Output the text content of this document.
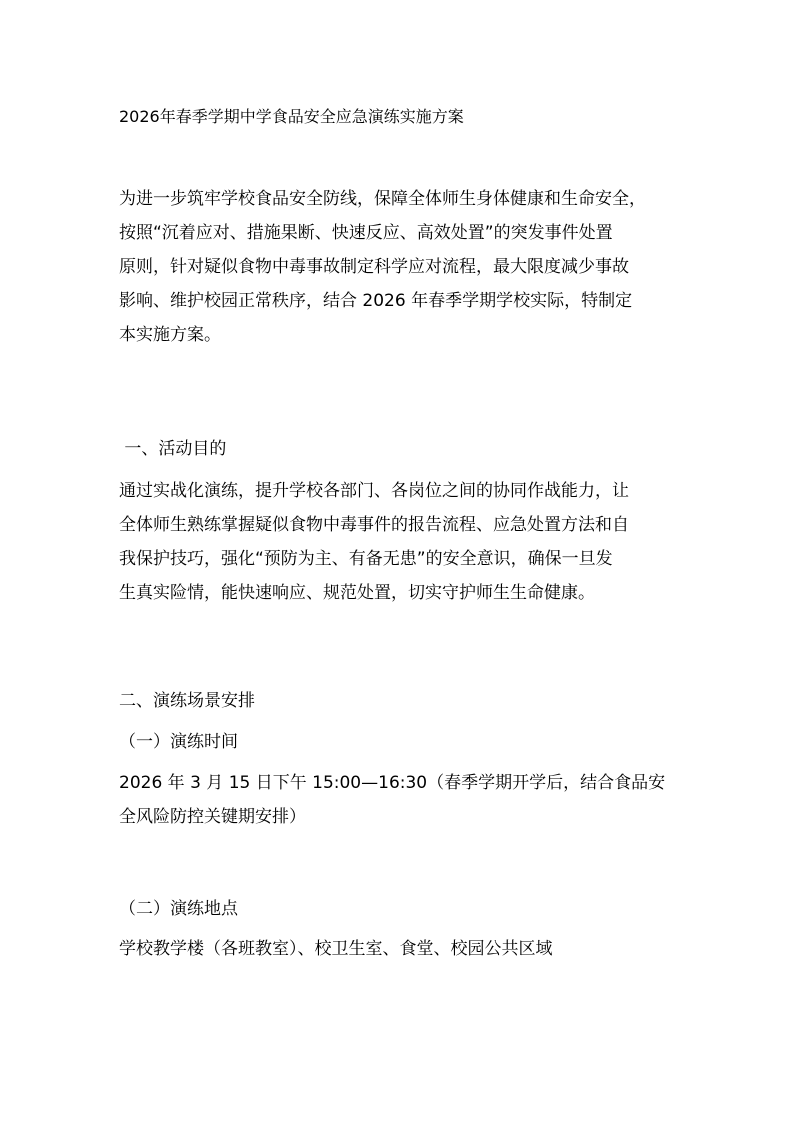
2026年春季学期中学食品安全应急演练实施方案
为进一步筑牢学校食品安全防线，保障全体师生身体健康和生命安全，
按照“沉着应对、措施果断、快速反应、高效处置”的突发事件处置
原则，针对疑似食物中毒事故制定科学应对流程，最大限度减少事故
影响、维护校园正常秩序，结合 2026 年春季学期学校实际，特制定
本实施方案。
一、活动目的
通过实战化演练，提升学校各部门、各岗位之间的协同作战能力，让
全体师生熟练掌握疑似食物中毒事件的报告流程、应急处置方法和自
我保护技巧，强化“预防为主、有备无患”的安全意识，确保一旦发
生真实险情，能快速响应、规范处置，切实守护师生生命健康。
二、演练场景安排
（一）演练时间
2026 年 3 月 15 日下午 15:00—16:30（春季学期开学后，结合食品安
全风险防控关键期安排）
（二）演练地点
学校教学楼（各班教室）、校卫生室、食堂、校园公共区域
